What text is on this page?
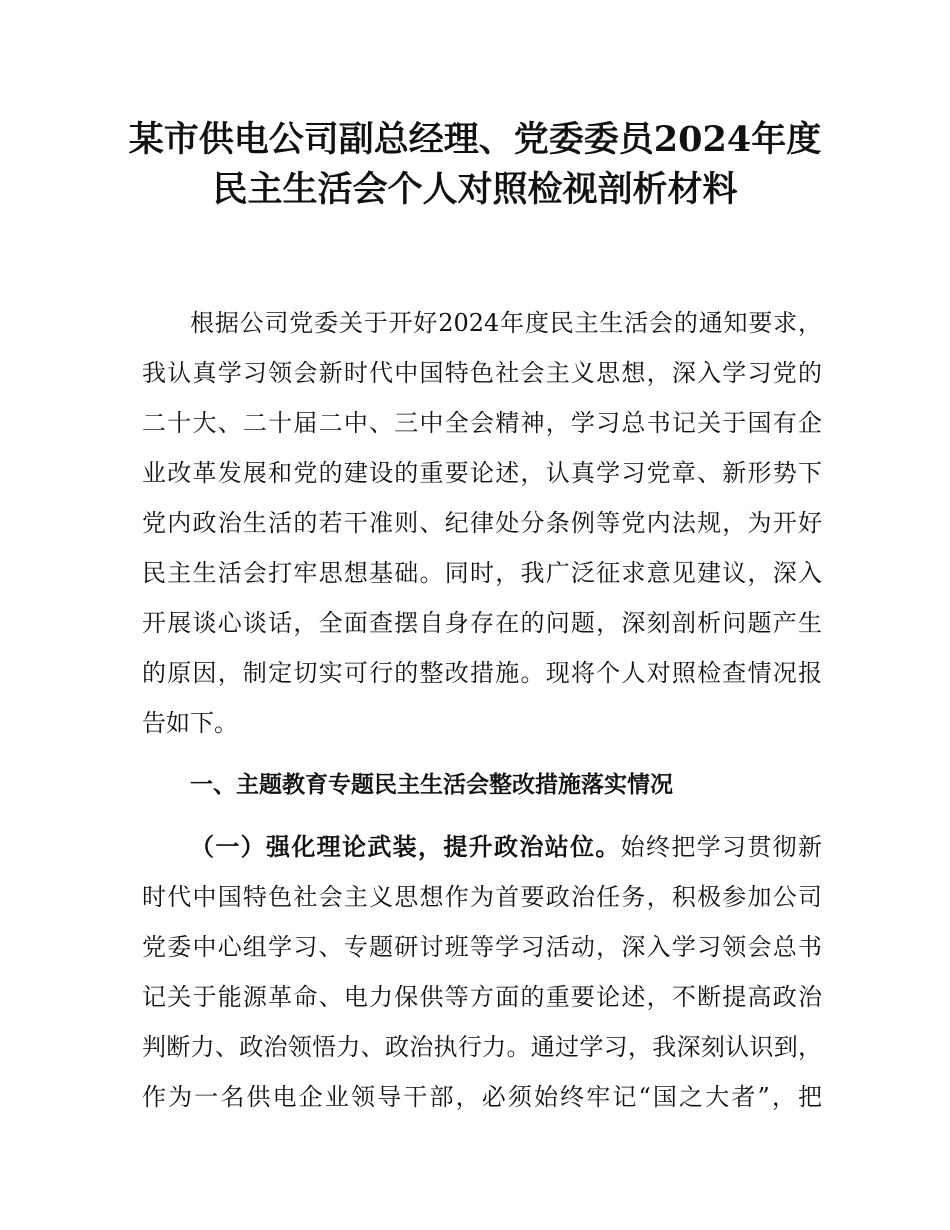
某市供电公司副总经理、党委委员2024年度
民主生活会个人对照检视剖析材料
根据公司党委关于开好2024年度民主生活会的通知要求，
我认真学习领会新时代中国特色社会主义思想，深入学习党的
二十大、二十届二中、三中全会精神，学习总书记关于国有企
业改革发展和党的建设的重要论述，认真学习党章、新形势下
党内政治生活的若干准则、纪律处分条例等党内法规，为开好
民主生活会打牢思想基础。同时，我广泛征求意见建议，深入
开展谈心谈话，全面查摆自身存在的问题，深刻剖析问题产生
的原因，制定切实可行的整改措施。现将个人对照检查情况报
告如下。
一、主题教育专题民主生活会整改措施落实情况
（一）强化理论武装，提升政治站位。始终把学习贯彻新
时代中国特色社会主义思想作为首要政治任务，积极参加公司
党委中心组学习、专题研讨班等学习活动，深入学习领会总书
记关于能源革命、电力保供等方面的重要论述，不断提高政治
判断力、政治领悟力、政治执行力。通过学习，我深刻认识到，
作为一名供电企业领导干部，必须始终牢记“国之大者”，把
